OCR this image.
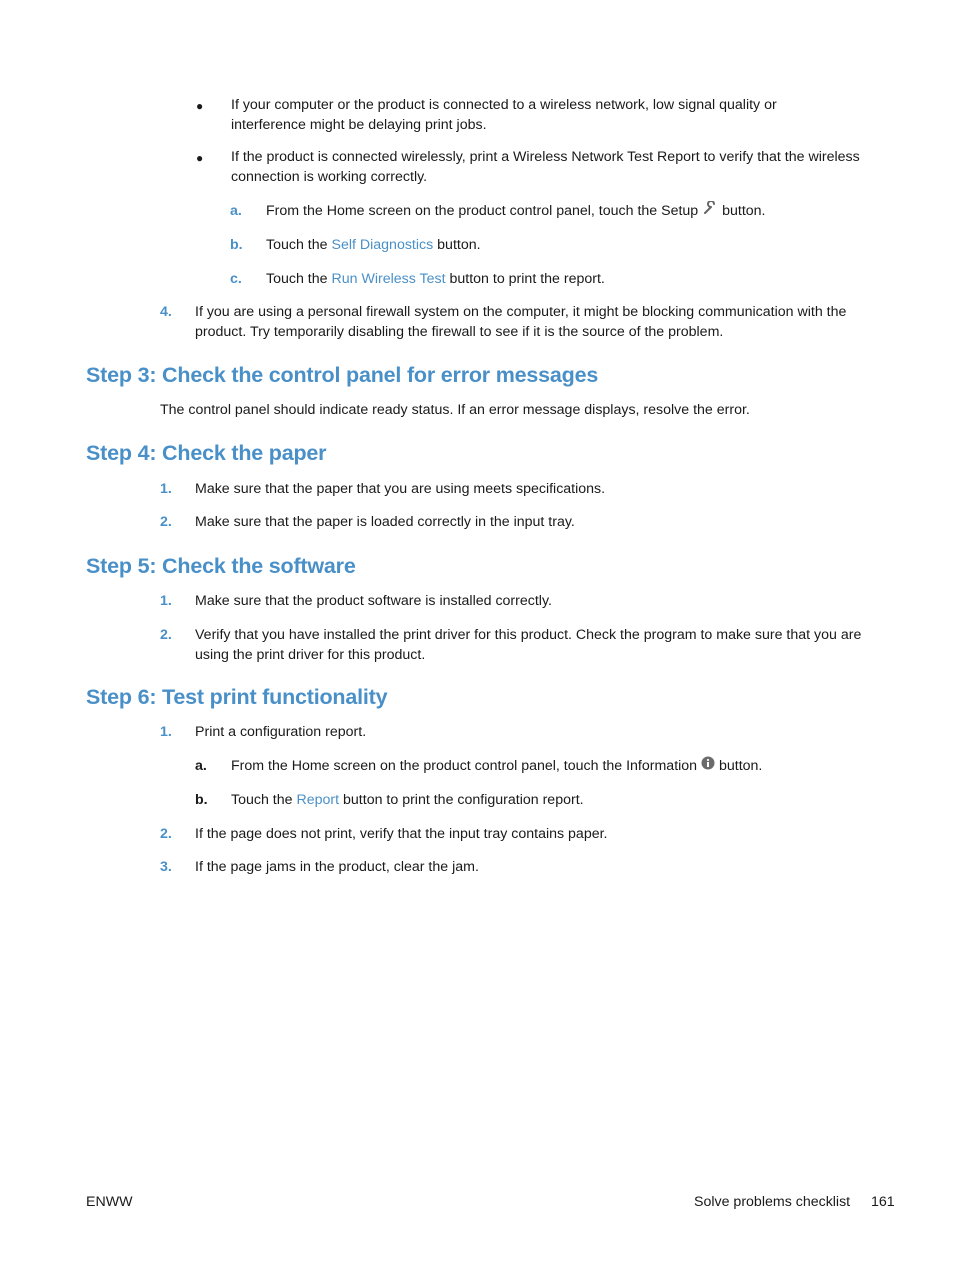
● If your computer or the product is connected to a wireless network, low signal quality or interference might be delaying print jobs.
● If the product is connected wirelessly, print a Wireless Network Test Report to verify that the wireless connection is working correctly.
a. From the Home screen on the product control panel, touch the Setup button.
b. Touch the Self Diagnostics button.
c. Touch the Run Wireless Test button to print the report.
4. If you are using a personal firewall system on the computer, it might be blocking communication with the product. Try temporarily disabling the firewall to see if it is the source of the problem.
Step 3: Check the control panel for error messages
The control panel should indicate ready status. If an error message displays, resolve the error.
Step 4: Check the paper
1. Make sure that the paper that you are using meets specifications.
2. Make sure that the paper is loaded correctly in the input tray.
Step 5: Check the software
1. Make sure that the product software is installed correctly.
2. Verify that you have installed the print driver for this product. Check the program to make sure that you are using the print driver for this product.
Step 6: Test print functionality
1. Print a configuration report.
a. From the Home screen on the product control panel, touch the Information button.
b. Touch the Report button to print the configuration report.
2. If the page does not print, verify that the input tray contains paper.
3. If the page jams in the product, clear the jam.
ENWW	Solve problems checklist 161
